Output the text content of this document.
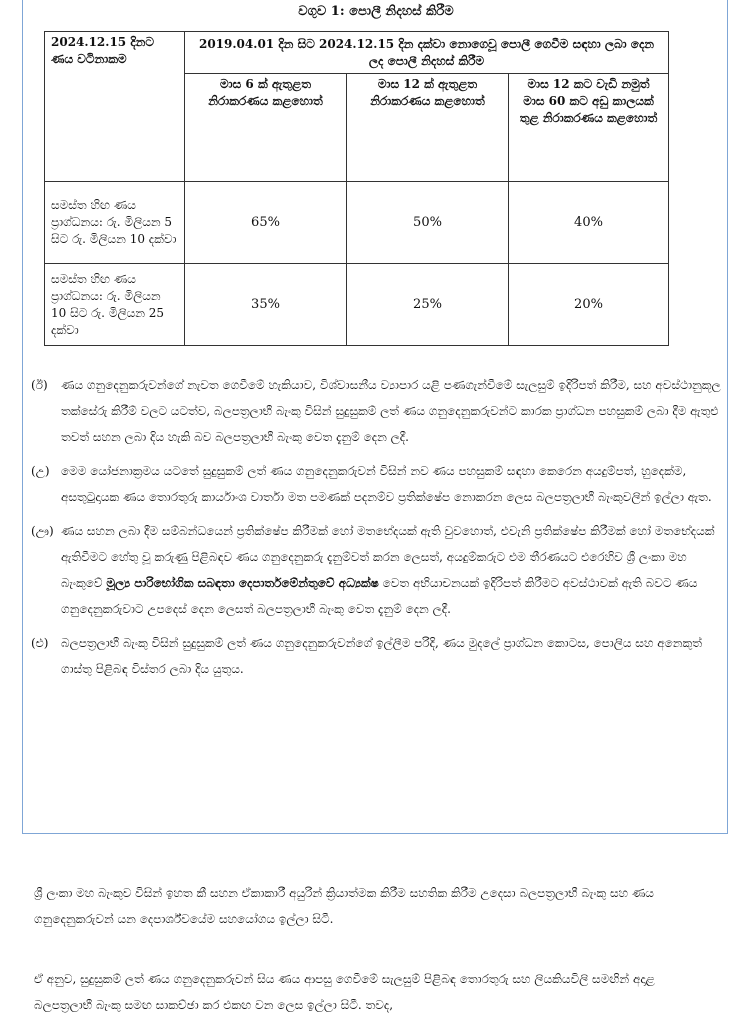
වගුව 1: පොලී නිදහස් කිරීම
2024.12.15 දිනට ණය වටිනාකම	2019.04.01 දින සිට 2024.12.15 දින දක්වා නොගෙවූ පොලී ගෙවීම සඳහා ලබා දෙන ලද පොලී නිදහස් කිරීම		
	මාස 6 ක් ඇතුළත නිරාකරණය කළහොත්	මාස 12 ක් ඇතුළත නිරාකරණය කළහොත්	මාස 12 කට වැඩි නමුත් මාස 60 කට අඩු කාලයක් තුළ නිරාකරණය කළහොත්
සමස්ත හිඟ ණය ප්‍රාග්ධනය: රු. මිලියන 5 සිට රු. මිලියන 10 දක්වා	65%	50%	40%
සමස්ත හිඟ ණය ප්‍රාග්ධනය: රු. මිලියන 10 සිට රු. මිලියන 25 දක්වා	35%	25%	20%
(ඊ)	ණය ගනුදෙනුකරුවන්ගේ නැවත ගෙවීමේ හැකියාව, විශ්වාසනීය ව්‍යාපාර යළි පණගැන්වීමේ සැලසුම් ඉදිරිපත් කිරීම, සහ අවස්ථානුකූල තක්සේරු කිරීම් වලට යටත්ව, බලපත්‍රලාභී බැංකු විසින් සුදුසුකම් ලත් ණය ගනුදෙනුකරුවන්ට කාරක ප්‍රාග්ධන පහසුකම් ලබා දීම ඇතුළු තවත් සහන ලබා දිය හැකි බව බලපත්‍රලාභී බැංකු වෙත දැනුම් දෙන ලදී.
(උ) මෙම යෝජනාක්‍රමය යටතේ සුදුසුකම් ලත් ණය ගනුදෙනුකරුවන් විසින් නව ණය පහසුකම් සඳහා කෙරෙන අයදුම්පත්, හුදෙක්ම, අසතුටුදායක ණය තොරතුරු කාර්යාංශ වාර්තා මත පමණක් පදනම්ව ප්‍රතික්ෂේප නොකරන ලෙස බලපත්‍රලාභී බැංකුවලින් ඉල්ලා ඇත.
(ඌ) ණය සහන ලබා දීම සම්බන්ධයෙන් ප්‍රතික්ෂේප කිරීමක් හෝ මතභේදයක් ඇති වුවහොත්, එවැනි ප්‍රතික්ෂේප කිරීමක් හෝ මතභේදයක් ඇතිවීමට හේතු වූ කරුණු පිළිබඳව ණය ගනුදෙනුකරු දැනුම්වත් කරන ලෙසත්, අයදුම්කරුට එම තීරණයට එරෙහිව ශ්‍රී ලංකා මහ බැංකුවේ මූල්‍ය පාරිභෝගික සබඳතා දෙපාර්තමේන්තුවේ අධ්‍යක්ෂ වෙත අභියාචනයක් ඉදිරිපත් කිරීමට අවස්ථාවක් ඇති බවට ණය ගනුදෙනුකරුවාට උපදෙස් දෙන ලෙසත් බලපත්‍රලාභී බැංකු වෙත දැනුම් දෙන ලදී.
(එ)	බලපත්‍රලාභී බැංකු විසින් සුදුසුකම් ලත් ණය ගනුදෙනුකරුවන්ගේ ඉල්ලීම පරිදි, ණය මුදලේ ප්‍රාග්ධන කොටස, පොලිය සහ අනෙකුත් ගාස්තු පිළිබඳ විස්තර ලබා දිය යුතුය.
ශ්‍රී ලංකා මහ බැංකුව විසින් ඉහත කී සහන ඒකාකාරී අයුරින් ක්‍රියාත්මක කිරීම සහතික කිරීම උදෙසා බලපත්‍රලාභී බැංකු සහ ණය ගනුදෙනුකරුවන් යන දෙපාර්ශ්වයේම සහයෝගය ඉල්ලා සිටී.
ඒ අනුව, සුදුසුකම් ලත් ණය ගනුදෙනුකරුවන් සිය ණය ආපසු ගෙවීමේ සැලසුම් පිළිබඳ තොරතුරු සහ ලියකියවිලි සමඟින් අදාළ බලපත්‍රලාභී බැංකු සමඟ සාකච්ඡා කර එකඟ වන ලෙස ඉල්ලා සිටී. තවද,
